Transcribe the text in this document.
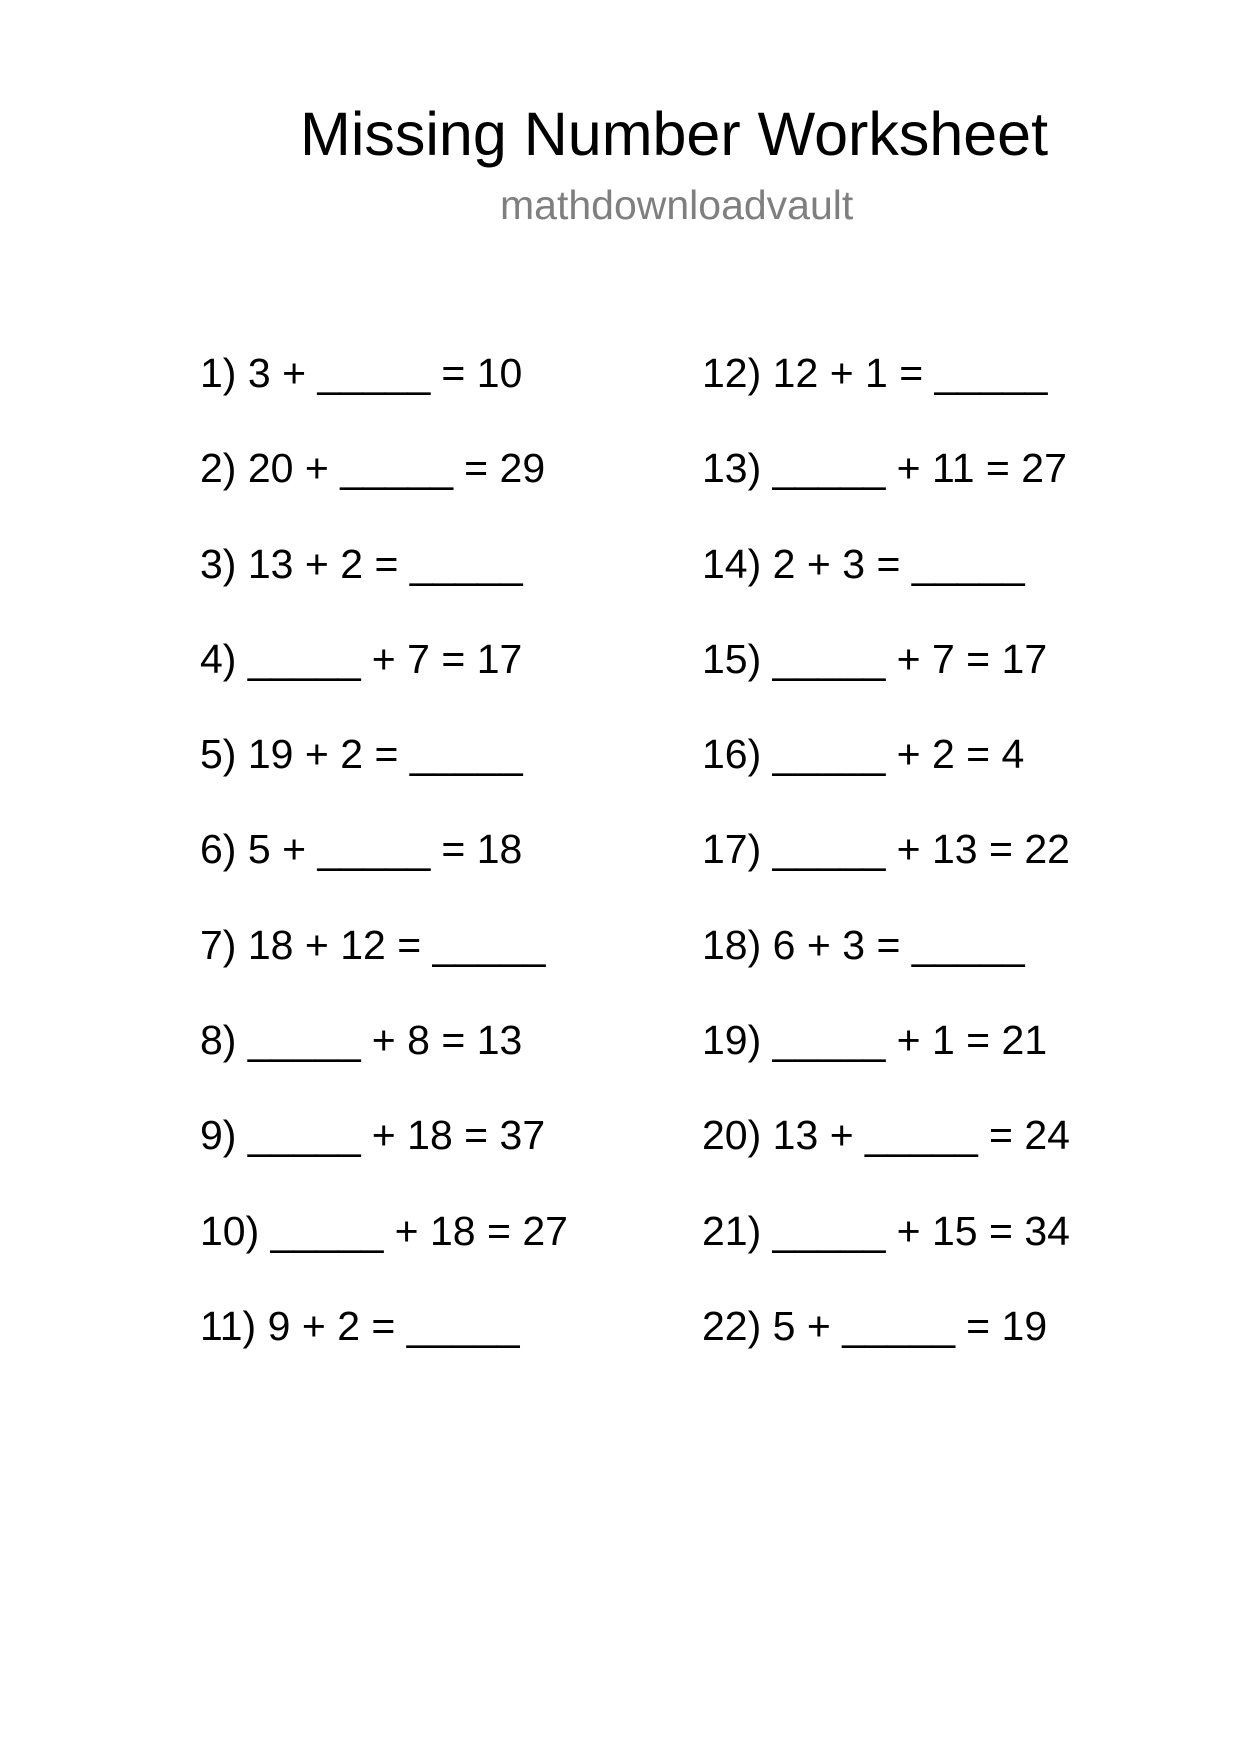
Missing Number Worksheet
mathdownloadvault
1) 3 + _____ = 10
2) 20 + _____ = 29
3) 13 + 2 = _____
4) _____ + 7 = 17
5) 19 + 2 = _____
6) 5 + _____ = 18
7) 18 + 12 = _____
8) _____ + 8 = 13
9) _____ + 18 = 37
10) _____ + 18 = 27
11) 9 + 2 = _____
12) 12 + 1 = _____
13) _____ + 11 = 27
14) 2 + 3 = _____
15) _____ + 7 = 17
16) _____ + 2 = 4
17) _____ + 13 = 22
18) 6 + 3 = _____
19) _____ + 1 = 21
20) 13 + _____ = 24
21) _____ + 15 = 34
22) 5 + _____ = 19
